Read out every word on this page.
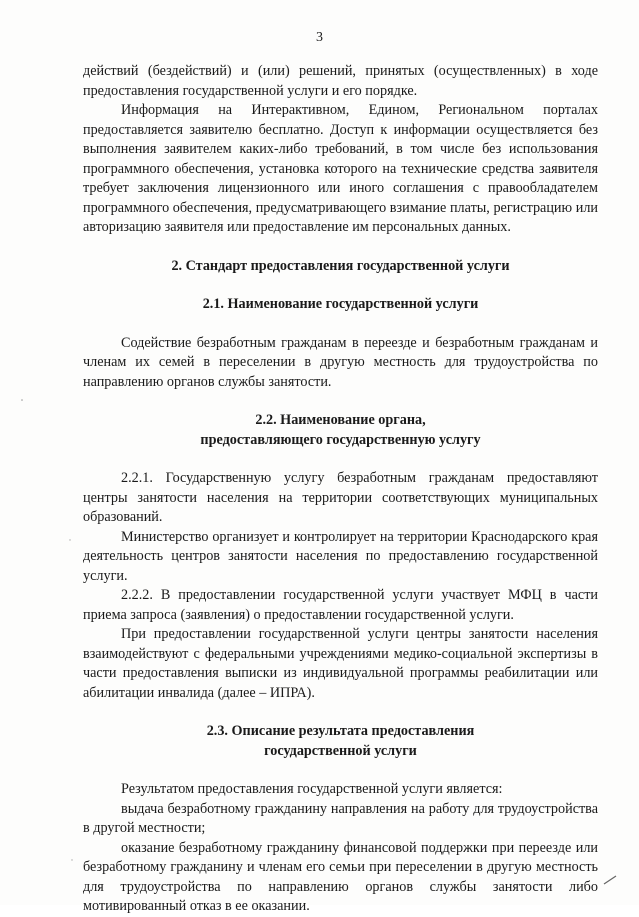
3

действий (бездействий) и (или) решений, принятых (осуществленных) в ходе предоставления государственной услуги и его порядке.

Информация на Интерактивном, Едином, Региональном порталах предоставляется заявителю бесплатно. Доступ к информации осуществляется без выполнения заявителем каких-либо требований, в том числе без использования программного обеспечения, установка которого на технические средства заявителя требует заключения лицензионного или иного соглашения с правообладателем программного обеспечения, предусматривающего взимание платы, регистрацию или авторизацию заявителя или предоставление им персональных данных.

2. Стандарт предоставления государственной услуги

2.1. Наименование государственной услуги

Содействие безработным гражданам в переезде и безработным гражданам и членам их семей в переселении в другую местность для трудоустройства по направлению органов службы занятости.

2.2. Наименование органа,

предоставляющего государственную услугу

2.2.1. Государственную услугу безработным гражданам предоставляют центры занятости населения на территории соответствующих муниципальных образований.

Министерство организует и контролирует на территории Краснодарского края деятельность центров занятости населения по предоставлению государственной услуги.

2.2.2. В предоставлении государственной услуги участвует МФЦ в части приема запроса (заявления) о предоставлении государственной услуги.

При предоставлении государственной услуги центры занятости населения взаимодействуют с федеральными учреждениями медико-социальной экспертизы в части предоставления выписки из индивидуальной программы реабилитации или абилитации инвалида (далее – ИПРА).

2.3. Описание результата предоставления

государственной услуги

Результатом предоставления государственной услуги является:

выдача безработному гражданину направления на работу для трудоустройства в другой местности;

оказание безработному гражданину финансовой поддержки при переезде или безработному гражданину и членам его семьи при переселении в другую местность для трудоустройства по направлению органов службы занятости либо мотивированный отказ в ее оказании.
